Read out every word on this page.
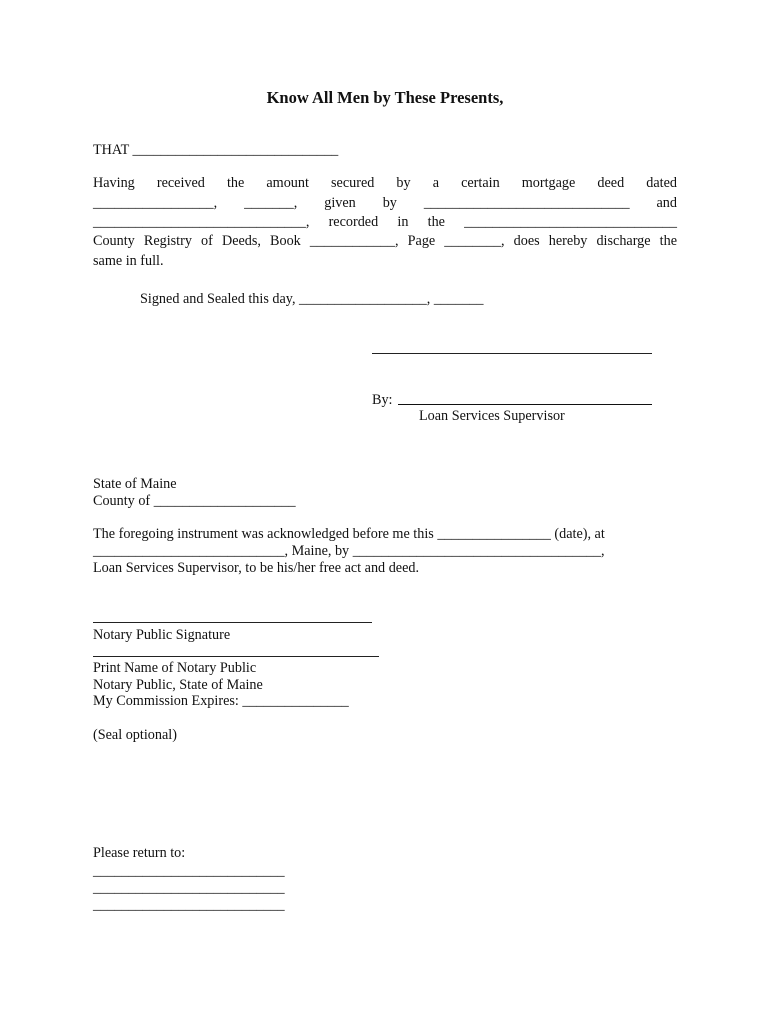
Know All Men by These Presents,
THAT _____________________________
Having received the amount secured by a certain mortgage deed dated
_________________, _______, given by _____________________________ and
______________________________, recorded in the ______________________________
County Registry of Deeds, Book ____________, Page ________, does hereby discharge the
same in full.
Signed and Sealed this day, __________________, _______
By:
Loan Services Supervisor
State of Maine
County of ____________________
The foregoing instrument was acknowledged before me this ________________ (date), at
___________________________, Maine, by ___________________________________,
Loan Services Supervisor, to be his/her free act and deed.
Notary Public Signature
Print Name of Notary Public
Notary Public, State of Maine
My Commission Expires: _______________
(Seal optional)
Please return to:
___________________________
___________________________
___________________________
